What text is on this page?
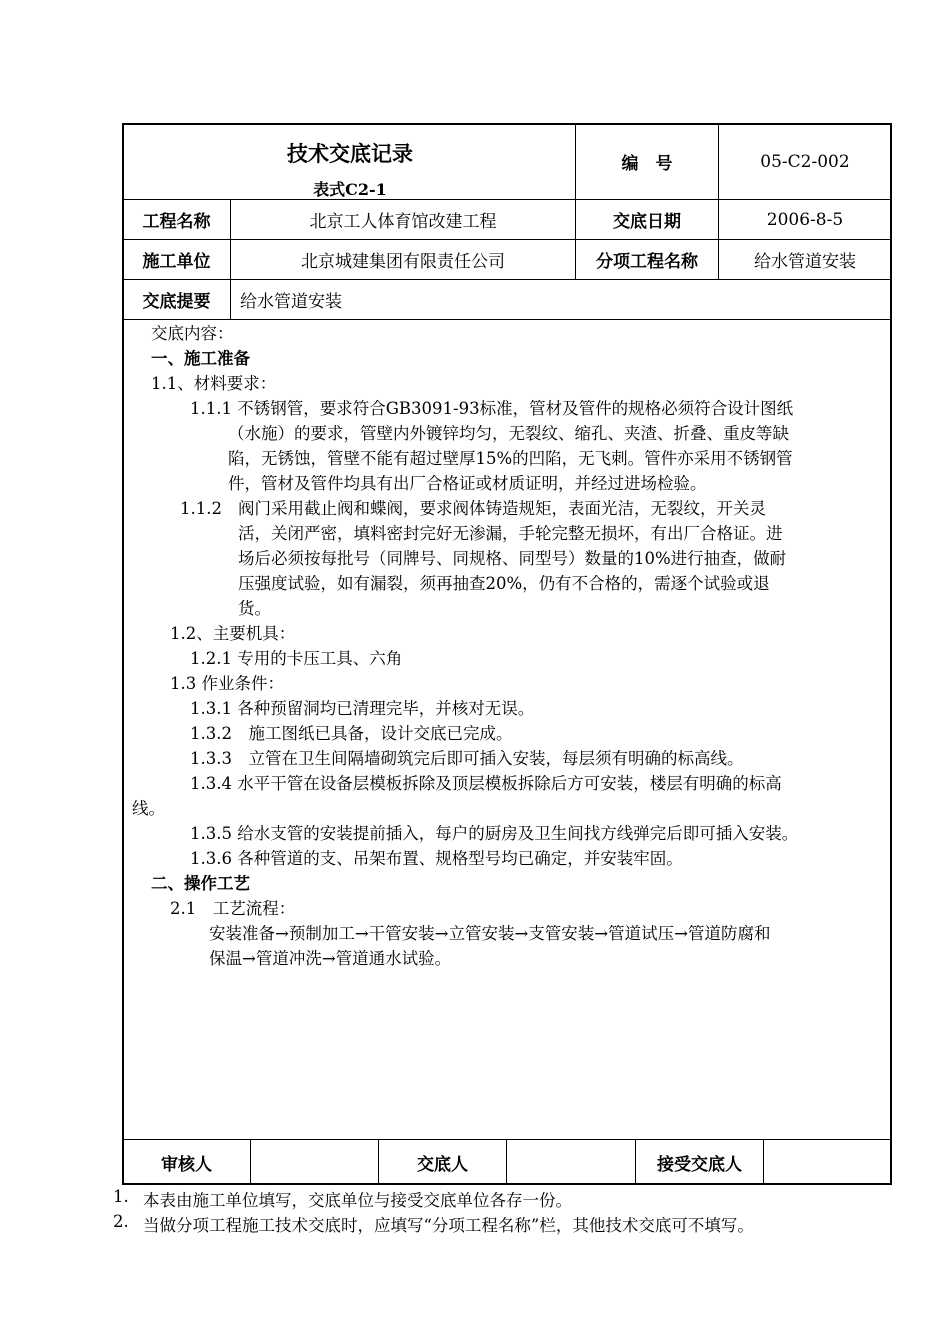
技术交底记录
表式C2-1
编　号	05-C2-002
工程名称	北京工人体育馆改建工程	交底日期	2006-8-5
施工单位	北京城建集团有限责任公司	分项工程名称	给水管道安装
交底提要	给水管道安装
交底内容：
一、施工准备
1.1、材料要求：
1.1.1 不锈钢管，要求符合GB3091-93标准，管材及管件的规格必须符合设计图纸
（水施）的要求，管壁内外镀锌均匀，无裂纹、缩孔、夹渣、折叠、重皮等缺
陷，无锈蚀，管壁不能有超过壁厚15%的凹陷，无飞刺。管件亦采用不锈钢管
件，管材及管件均具有出厂合格证或材质证明，并经过进场检验。
1.1.2 阀门采用截止阀和蝶阀，要求阀体铸造规矩，表面光洁，无裂纹，开关灵
活，关闭严密，填料密封完好无渗漏，手轮完整无损坏，有出厂合格证。进
场后必须按每批号（同牌号、同规格、同型号）数量的10%进行抽查，做耐
压强度试验，如有漏裂，须再抽查20%，仍有不合格的，需逐个试验或退
货。
1.2、主要机具：
1.2.1 专用的卡压工具、六角
1.3 作业条件：
1.3.1 各种预留洞均已清理完毕，并核对无误。
1.3.2　施工图纸已具备，设计交底已完成。
1.3.3　立管在卫生间隔墙砌筑完后即可插入安装，每层须有明确的标高线。
1.3.4 水平干管在设备层模板拆除及顶层模板拆除后方可安装，楼层有明确的标高
线。
1.3.5 给水支管的安装提前插入，每户的厨房及卫生间找方线弹完后即可插入安装。
1.3.6 各种管道的支、吊架布置、规格型号均已确定，并安装牢固。
二、操作工艺
2.1　工艺流程：
安装准备→预制加工→干管安装→立管安装→支管安装→管道试压→管道防腐和
保温→管道冲洗→管道通水试验。
审核人	交底人	接受交底人
1. 本表由施工单位填写，交底单位与接受交底单位各存一份。
2. 当做分项工程施工技术交底时，应填写“分项工程名称”栏，其他技术交底可不填写。
